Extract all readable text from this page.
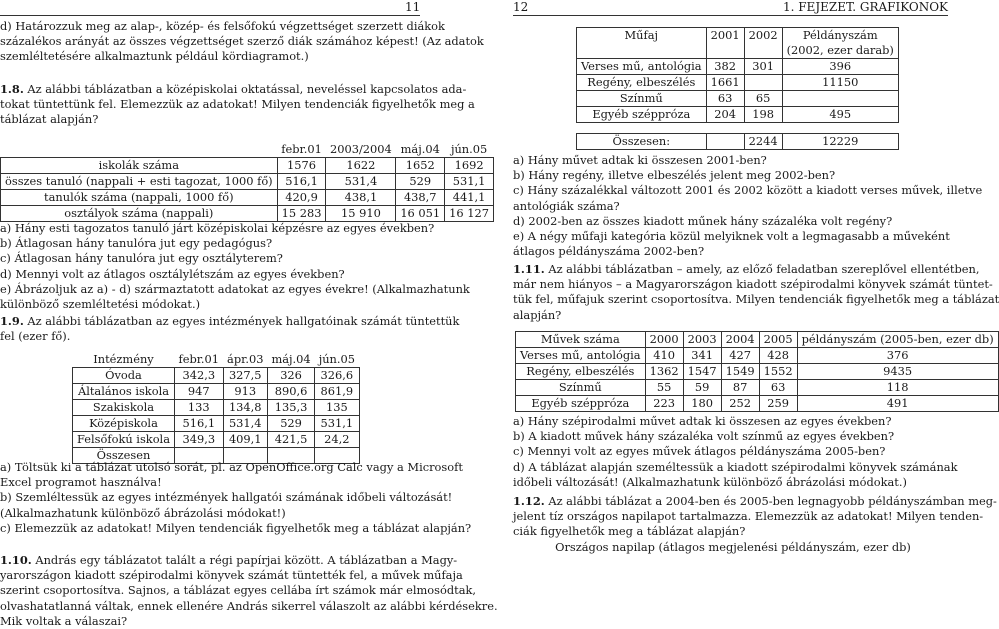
11
d) Határozzuk meg az alap-, közép- és felsőfokú végzettséget szerzett diákok
százalékos arányát az összes végzettséget szerző diák számához képest! (Az adatok
szemléltetésére alkalmaztunk például kördiagramot.)
1.8. Az alábbi táblázatban a középiskolai oktatással, neveléssel kapcsolatos ada-
tokat tüntettünk fel. Elemezzük az adatokat! Milyen tendenciák figyelhetők meg a
táblázat alapján?
	febr.01	2003/2004	máj.04	jún.05
iskolák száma	1576	1622	1652	1692
összes tanuló (nappali + esti tagozat, 1000 fő)	516,1	531,4	529	531,1
tanulók száma (nappali, 1000 fő)	420,9	438,1	438,7	441,1
osztályok száma (nappali)	15 283	15 910	16 051	16 127
a) Hány esti tagozatos tanuló járt középiskolai képzésre az egyes években?
b) Átlagosan hány tanulóra jut egy pedagógus?
c) Átlagosan hány tanulóra jut egy osztályterem?
d) Mennyi volt az átlagos osztálylétszám az egyes években?
e) Ábrázoljuk az a) - d) származtatott adatokat az egyes évekre! (Alkalmazhatunk
különböző szemléltetési módokat.)
1.9. Az alábbi táblázatban az egyes intézmények hallgatóinak számát tüntettük
fel (ezer fő).
Intézmény	febr.01	ápr.03	máj.04	jún.05
Óvoda	342,3	327,5	326	326,6
Általános iskola	947	913	890,6	861,9
Szakiskola	133	134,8	135,3	135
Középiskola	516,1	531,4	529	531,1
Felsőfokú iskola	349,3	409,1	421,5	24,2
Összesen				
a) Töltsük ki a táblázat utolsó sorát, pl. az OpenOffice.org Calc vagy a Microsoft
Excel programot használva!
b) Szemléltessük az egyes intézmények hallgatói számának időbeli változását!
(Alkalmazhatunk különböző ábrázolási módokat!)
c) Elemezzük az adatokat! Milyen tendenciák figyelhetők meg a táblázat alapján?
1.10. András egy táblázatot talált a régi papírjai között. A táblázatban a Magy-
yarországon kiadott szépirodalmi könyvek számát tüntették fel, a művek műfaja
szerint csoportosítva. Sajnos, a táblázat egyes cellába írt számok már elmosódtak,
olvashatatlanná váltak, ennek ellenére András sikerrel válaszolt az alábbi kérdésekre.
Mik voltak a válaszai?
12	1. FEJEZET. GRAFIKONOK
Műfaj	2001	2002	Példányszám
			(2002, ezer darab)
Verses mű, antológia	382	301	396
Regény, elbeszélés	1661		11150
Színmű	63	65	
Egyéb széppróza	204	198	495

Összesen:		2244	12229
a) Hány művet adtak ki összesen 2001-ben?
b) Hány regény, illetve elbeszélés jelent meg 2002-ben?
c) Hány százalékkal változott 2001 és 2002 között a kiadott verses művek, illetve
antológiák száma?
d) 2002-ben az összes kiadott műnek hány százaléka volt regény?
e) A négy műfaji kategória közül melyiknek volt a legmagasabb a műveként
átlagos példányszáma 2002-ben?
1.11. Az alábbi táblázatban – amely, az előző feladatban szereplővel ellentétben,
már nem hiányos – a Magyarországon kiadott szépirodalmi könyvek számát tüntet-
tük fel, műfajuk szerint csoportosítva. Milyen tendenciák figyelhetők meg a táblázat
alapján?
Művek száma	2000	2003	2004	2005	példányszám (2005-ben, ezer db)
Verses mű, antológia	410	341	427	428	376
Regény, elbeszélés	1362	1547	1549	1552	9435
Színmű	55	59	87	63	118
Egyéb széppróza	223	180	252	259	491
a) Hány szépirodalmi művet adtak ki összesen az egyes években?
b) A kiadott művek hány százaléka volt színmű az egyes években?
c) Mennyi volt az egyes művek átlagos példányszáma 2005-ben?
d) A táblázat alapján személtessük a kiadott szépirodalmi könyvek számának
időbeli változását! (Alkalmazhatunk különböző ábrázolási módokat.)
1.12. Az alábbi táblázat a 2004-ben és 2005-ben legnagyobb példányszámban meg-
jelent tíz országos napilapot tartalmazza. Elemezzük az adatokat! Milyen tenden-
ciák figyelhetők meg a táblázat alapján?
Országos napilap (átlagos megjelenési példányszám, ezer db)
